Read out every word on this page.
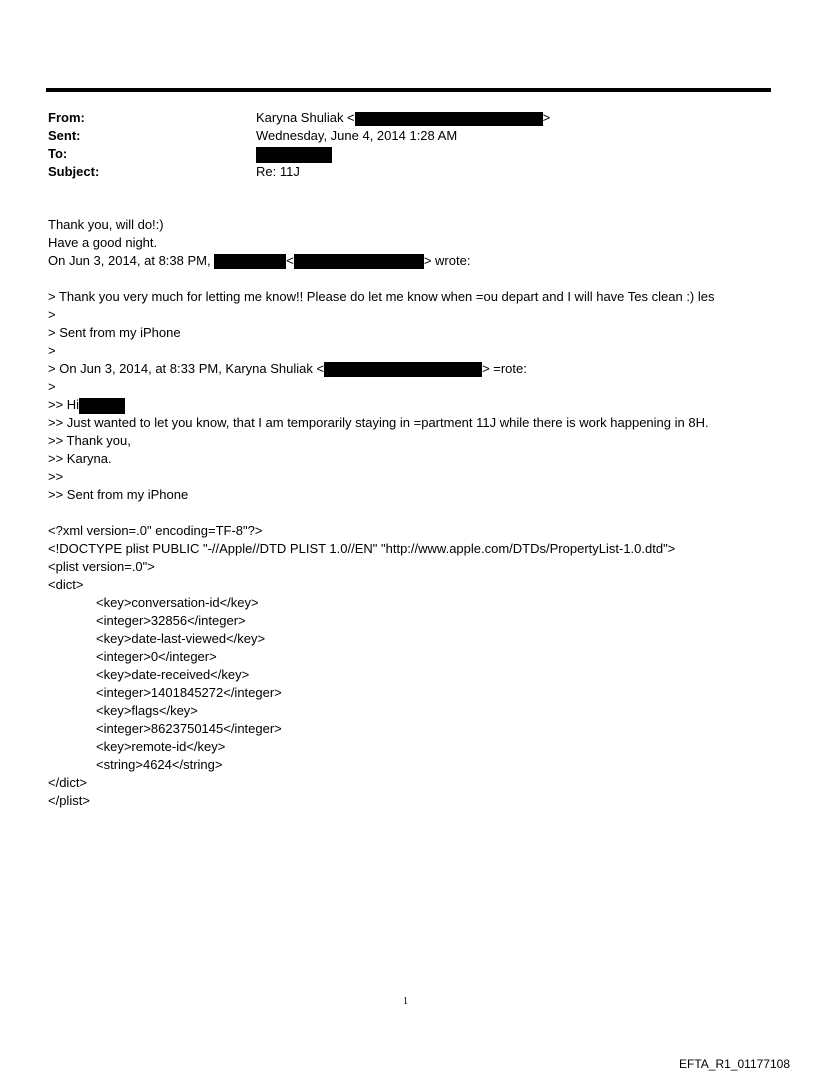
From:	Karyna Shuliak <	>
Sent:	Wednesday, June 4, 2014 1:28 AM
To:
Subject:	Re: 11J
Thank you, will do!:)
Have a good night.
On Jun 3, 2014, at 8:38 PM,	<	> wrote:
> Thank you very much for letting me know!! Please do let me know when =ou depart and I will have Tes clean :) les
>
> Sent from my iPhone
>
> On Jun 3, 2014, at 8:33 PM, Karyna Shuliak <	> =rote:
>
>> Hi
>> Just wanted to let you know, that I am temporarily staying in =partment 11J while there is work happening in 8H.
>> Thank you,
>> Karyna.
>>
>> Sent from my iPhone
<?xml version=.0" encoding=TF-8"?>
<!DOCTYPE plist PUBLIC "-//Apple//DTD PLIST 1.0//EN" "http://www.apple.com/DTDs/PropertyList-1.0.dtd">
<plist version=.0">
<dict>
<key>conversation-id</key>
<integer>32856</integer>
<key>date-last-viewed</key>
<integer>0</integer>
<key>date-received</key>
<integer>1401845272</integer>
<key>flags</key>
<integer>8623750145</integer>
<key>remote-id</key>
<string>4624</string>
</dict>
</plist>
1
EFTA_R1_01177108
